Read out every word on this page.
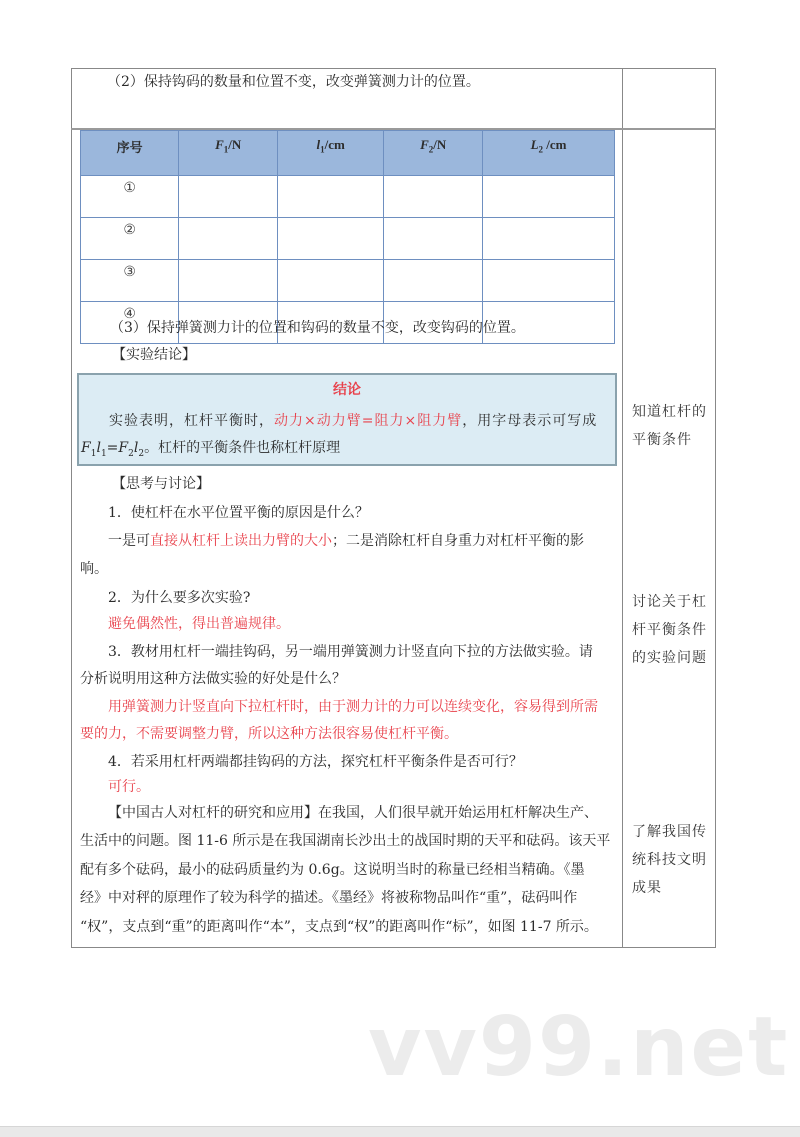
（2）保持钩码的数量和位置不变，改变弹簧测力计的位置。
序号	$F_1/N$	$l_1/cm$	$F_2/N$	$L_2$ /cm
①				
②				
③				
④				
（3）保持弹簧测力计的位置和钩码的数量不变，改变钩码的位置。
【实验结论】
结论
实验表明，杠杆平衡时，动力×动力臂=阻力×阻力臂，用字母表示可写成
$F_1l_1=F_2l_2$。杠杆的平衡条件也称杠杆原理
【思考与讨论】
1．使杠杆在水平位置平衡的原因是什么？
一是可直接从杠杆上读出力臂的大小；二是消除杠杆自身重力对杠杆平衡的影
响。
2．为什么要多次实验?
避免偶然性，得出普遍规律。
3．教材用杠杆一端挂钩码，另一端用弹簧测力计竖直向下拉的方法做实验。请
分析说明用这种方法做实验的好处是什么？
用弹簧测力计竖直向下拉杠杆时，由于测力计的力可以连续变化，容易得到所需
要的力，不需要调整力臂，所以这种方法很容易使杠杆平衡。
4．若采用杠杆两端都挂钩码的方法，探究杠杆平衡条件是否可行？
可行。
【中国古人对杠杆的研究和应用】在我国，人们很早就开始运用杠杆解决生产、
生活中的问题。图 11-6 所示是在我国湖南长沙出土的战国时期的天平和砝码。该天平
配有多个砝码，最小的砝码质量约为 0.6g。这说明当时的称量已经相当精确。《墨
经》中对秤的原理作了较为科学的描述。《墨经》将被称物品叫作“重”，砝码叫作
“权”，支点到“重”的距离叫作“本”，支点到“权”的距离叫作“标”，如图 11-7 所示。
知道杠杆的
平衡条件
讨论关于杠
杆平衡条件
的实验问题
了解我国传
统科技文明
成果
vv99.net
